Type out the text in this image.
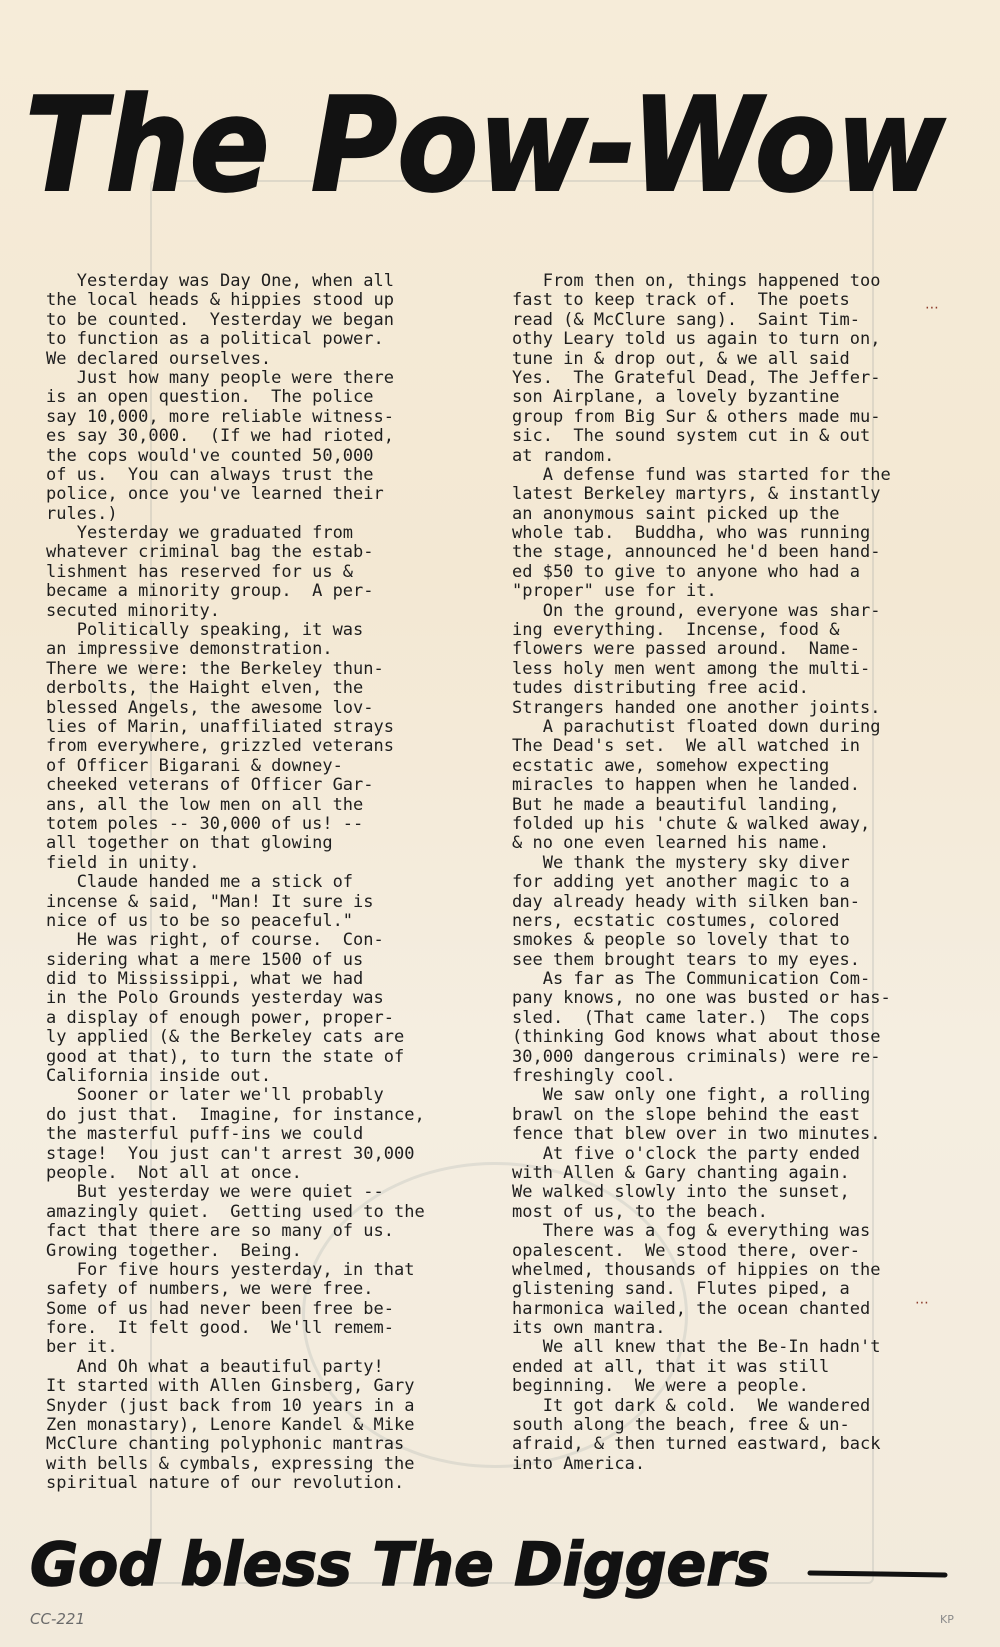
The Pow-Wow
Yesterday was Day One, when all
the local heads & hippies stood up
to be counted.  Yesterday we began
to function as a political power.
We declared ourselves.
Just how many people were there
is an open question.  The police
say 10,000, more reliable witness-
es say 30,000.  (If we had rioted,
the cops would've counted 50,000
of us.  You can always trust the
police, once you've learned their
rules.)
Yesterday we graduated from
whatever criminal bag the estab-
lishment has reserved for us &
became a minority group.  A per-
secuted minority.
Politically speaking, it was
an impressive demonstration.
There we were: the Berkeley thun-
derbolts, the Haight elven, the
blessed Angels, the awesome lov-
lies of Marin, unaffiliated strays
from everywhere, grizzled veterans
of Officer Bigarani & downey-
cheeked veterans of Officer Gar-
ans, all the low men on all the
totem poles -- 30,000 of us! --
all together on that glowing
field in unity.
Claude handed me a stick of
incense & said, "Man! It sure is
nice of us to be so peaceful."
He was right, of course.  Con-
sidering what a mere 1500 of us
did to Mississippi, what we had
in the Polo Grounds yesterday was
a display of enough power, proper-
ly applied (& the Berkeley cats are
good at that), to turn the state of
California inside out.
Sooner or later we'll probably
do just that.  Imagine, for instance,
the masterful puff-ins we could
stage!  You just can't arrest 30,000
people.  Not all at once.
But yesterday we were quiet --
amazingly quiet.  Getting used to the
fact that there are so many of us.
Growing together.  Being.
For five hours yesterday, in that
safety of numbers, we were free.
Some of us had never been free be-
fore.  It felt good.  We'll remem-
ber it.
And Oh what a beautiful party!
It started with Allen Ginsberg, Gary
Snyder (just back from 10 years in a
Zen monastary), Lenore Kandel & Mike
McClure chanting polyphonic mantras
with bells & cymbals, expressing the
spiritual nature of our revolution.
From then on, things happened too
fast to keep track of.  The poets
read (& McClure sang).  Saint Tim-
othy Leary told us again to turn on,
tune in & drop out, & we all said
Yes.  The Grateful Dead, The Jeffer-
son Airplane, a lovely byzantine
group from Big Sur & others made mu-
sic.  The sound system cut in & out
at random.
A defense fund was started for the
latest Berkeley martyrs, & instantly
an anonymous saint picked up the
whole tab.  Buddha, who was running
the stage, announced he'd been hand-
ed $50 to give to anyone who had a
"proper" use for it.
On the ground, everyone was shar-
ing everything.  Incense, food &
flowers were passed around.  Name-
less holy men went among the multi-
tudes distributing free acid.
Strangers handed one another joints.
A parachutist floated down during
The Dead's set.  We all watched in
ecstatic awe, somehow expecting
miracles to happen when he landed.
But he made a beautiful landing,
folded up his 'chute & walked away,
& no one even learned his name.
We thank the mystery sky diver
for adding yet another magic to a
day already heady with silken ban-
ners, ecstatic costumes, colored
smokes & people so lovely that to
see them brought tears to my eyes.
As far as The Communication Com-
pany knows, no one was busted or has-
sled.  (That came later.)  The cops
(thinking God knows what about those
30,000 dangerous criminals) were re-
freshingly cool.
We saw only one fight, a rolling
brawl on the slope behind the east
fence that blew over in two minutes.
At five o'clock the party ended
with Allen & Gary chanting again.
We walked slowly into the sunset,
most of us, to the beach.
There was a fog & everything was
opalescent.  We stood there, over-
whelmed, thousands of hippies on the
glistening sand.  Flutes piped, a
harmonica wailed, the ocean chanted
its own mantra.
We all knew that the Be-In hadn't
ended at all, that it was still
beginning.  We were a people.
It got dark & cold.  We wandered
south along the beach, free & un-
afraid, & then turned eastward, back
into America.
⋯
⋯
God bless The Diggers
CC-221	KP
